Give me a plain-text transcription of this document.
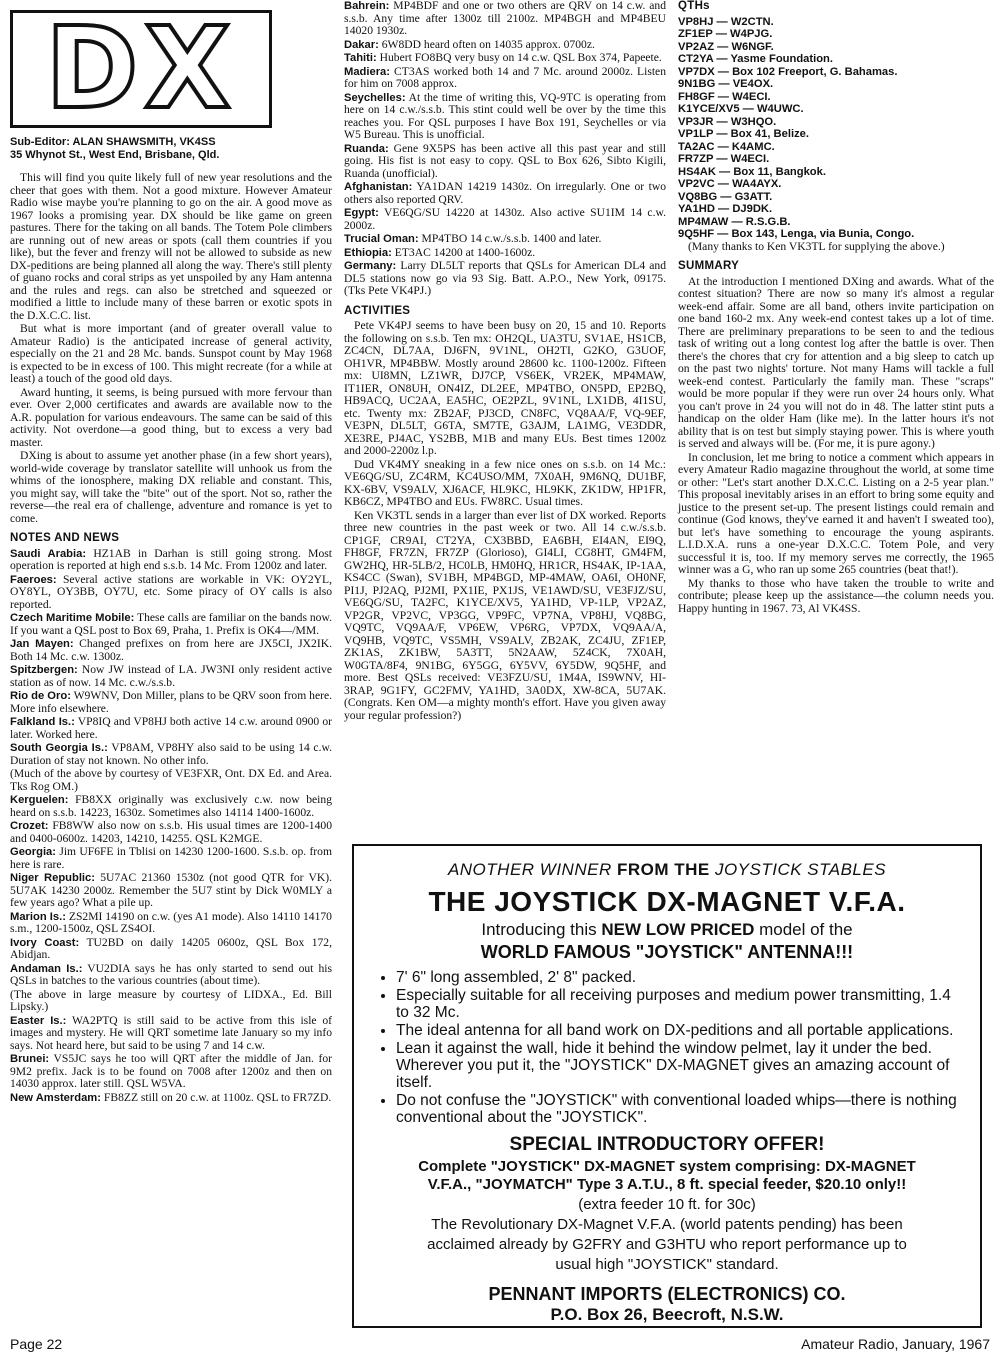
DX
Sub-Editor: ALAN SHAWSMITH, VK4SS
35 Whynot St., West End, Brisbane, Qld.

This will find you quite likely full of new year resolutions and the cheer that goes with them. Not a good mixture. However Amateur Radio wise maybe you're planning to go on the air. A good move as 1967 looks a promising year. DX should be like game on green pastures. There for the taking on all bands. The Totem Pole climbers are running out of new areas or spots (call them countries if you like), but the fever and frenzy will not be allowed to subside as new DX-peditions are being planned all along the way. There's still plenty of guano rocks and coral strips as yet unspoiled by any Ham antenna and the rules and regs. can also be stretched and squeezed or modified a little to include many of these barren or exotic spots in the D.X.C.C. list.

But what is more important (and of greater overall value to Amateur Radio) is the anticipated increase of general activity, especially on the 21 and 28 Mc. bands. Sunspot count by May 1968 is expected to be in excess of 100. This might recreate (for a while at least) a touch of the good old days.

Award hunting, it seems, is being pursued with more fervour than ever. Over 2,000 certificates and awards are available now to the A.R. population for various endeavours. The same can be said of this activity. Not overdone—a good thing, but to excess a very bad master.

DXing is about to assume yet another phase (in a few short years), world-wide coverage by translator satellite will unhook us from the whims of the ionosphere, making DX reliable and constant. This, you might say, will take the "bite" out of the sport. Not so, rather the reverse—the real era of challenge, adventure and romance is yet to come.

NOTES AND NEWS

Saudi Arabia: HZ1AB in Darhan is still going strong. Most operation is reported at high end s.s.b. 14 Mc. From 1200z and later.

Faeroes: Several active stations are workable in VK: OY2YL, OY8YL, OY3BB, OY7U, etc. Some piracy of OY calls is also reported.

Czech Maritime Mobile: These calls are familiar on the bands now. If you want a QSL post to Box 69, Praha, 1. Prefix is OK4—/MM.

Jan Mayen: Changed prefixes on from here are JX5CI, JX2IK. Both 14 Mc. c.w. 1300z.

Spitzbergen: Now JW instead of LA. JW3NI only resident active station as of now. 14 Mc. c.w./s.s.b.

Rio de Oro: W9WNV, Don Miller, plans to be QRV soon from here. More info elsewhere.

Falkland Is.: VP8IQ and VP8HJ both active 14 c.w. around 0900 or later. Worked here.

South Georgia Is.: VP8AM, VP8HY also said to be using 14 c.w. Duration of stay not known. No other info.

(Much of the above by courtesy of VE3FXR, Ont. DX Ed. and Area. Tks Rog OM.)

Kerguelen: FB8XX originally was exclusively c.w. now being heard on s.s.b. 14223, 1630z. Sometimes also 14114 1400-1600z.

Crozet: FB8WW also now on s.s.b. His usual times are 1200-1400 and 0400-0600z. 14203, 14210, 14255. QSL K2MGE.

Georgia: Jim UF6FE in Tblisi on 14230 1200-1600. S.s.b. op. from here is rare.

Niger Republic: 5U7AC 21360 1530z (not good QTR for VK). 5U7AK 14230 2000z. Remember the 5U7 stint by Dick W0MLY a few years ago? What a pile up.

Marion Is.: ZS2MI 14190 on c.w. (yes A1 mode). Also 14110 14170 s.m., 1200-1500z, QSL ZS4OI.

Ivory Coast: TU2BD on daily 14205 0600z, QSL Box 172, Abidjan.

Andaman Is.: VU2DIA says he has only started to send out his QSLs in batches to the various countries (about time).

(The above in large measure by courtesy of LIDXA., Ed. Bill Lipsky.)

Easter Is.: WA2PTQ is still said to be active from this isle of images and mystery. He will QRT sometime late January so my info says. Not heard here, but said to be using 7 and 14 c.w.

Brunei: VS5JC says he too will QRT after the middle of Jan. for 9M2 prefix. Jack is to be found on 7008 after 1200z and then on 14030 approx. later still. QSL W5VA.

New Amsterdam: FB8ZZ still on 20 c.w. at 1100z. QSL to FR7ZD.

Bahrein: MP4BDF and one or two others are QRV on 14 c.w. and s.s.b. Any time after 1300z till 2100z. MP4BGH and MP4BEU 14020 1930z.

Dakar: 6W8DD heard often on 14035 approx. 0700z.

Tahiti: Hubert FO8BQ very busy on 14 c.w. QSL Box 374, Papeete.

Madiera: CT3AS worked both 14 and 7 Mc. around 2000z. Listen for him on 7008 approx.

Seychelles: At the time of writing this, VQ-9TC is operating from here on 14 c.w./s.s.b. This stint could well be over by the time this reaches you. For QSL purposes I have Box 191, Seychelles or via W5 Bureau. This is unofficial.

Ruanda: Gene 9X5PS has been active all this past year and still going. His fist is not easy to copy. QSL to Box 626, Sibto Kigili, Ruanda (unofficial).

Afghanistan: YA1DAN 14219 1430z. On irregularly. One or two others also reported QRV.

Egypt: VE6QG/SU 14220 at 1430z. Also active SU1IM 14 c.w. 2000z.

Trucial Oman: MP4TBO 14 c.w./s.s.b. 1400 and later.

Ethiopia: ET3AC 14200 at 1400-1600z.

Germany: Larry DL5LT reports that QSLs for American DL4 and DL5 stations now go via 93 Sig. Batt. A.P.O., New York, 09175. (Tks Pete VK4PJ.)

ACTIVITIES

Pete VK4PJ seems to have been busy on 20, 15 and 10. Reports the following on s.s.b. Ten mx: OH2QL, UA3TU, SV1AE, HS1CB, ZC4CN, DL7AA, DJ6FN, 9V1NL, OH2TI, G2KO, G3UOF, OH1VR, MP4BBW. Mostly around 28600 kc. 1100-1200z. Fifteen mx: UI8MN, LZ1WR, DJ7CP, VS6EK, VR2EK, MP4MAW, IT1IER, ON8UH, ON4IZ, DL2EE, MP4TBO, ON5PD, EP2BQ, HB9ACQ, UC2AA, EA5HC, OE2PZL, 9V1NL, LX1DB, 4I1SU, etc. Twenty mx: ZB2AF, PJ3CD, CN8FC, VQ8AA/F, VQ-9EF, VE3PN, DL5LT, G6TA, SM7TE, G3AJM, LA1MG, VE3DDR, XE3RE, PJ4AC, YS2BB, M1B and many EUs. Best times 1200z and 2000-2200z l.p.

Dud VK4MY sneaking in a few nice ones on s.s.b. on 14 Mc.: VE6QG/SU, ZC4RM, KC4USO/MM, 7X0AH, 9M6NQ, DU1BF, KX-6BV, VS9ALV, XJ6ACF, HL9KC, HL9KK, ZK1DW, HP1FR, KB6CZ, MP4TBO and EUs. FW8RC. Usual times.

Ken VK3TL sends in a larger than ever list of DX worked. Reports three new countries in the past week or two. All 14 c.w./s.s.b. CP1GF, CR9AI, CT2YA, CX3BBD, EA6BH, EI4AN, EI9Q, FH8GF, FR7ZN, FR7ZP (Glorioso), GI4LI, CG8HT, GM4FM, GW2HQ, HR-5LB/2, HC0LB, HM0HQ, HR1CR, HS4AK, IP-1AA, KS4CC (Swan), SV1BH, MP4BGD, MP-4MAW, OA6I, OH0NF, PI1J, PJ2AQ, PJ2MI, PX1IE, PX1JS, VE1AWD/SU, VE3FJZ/SU, VE6QG/SU, TA2FC, K1YCE/XV5, YA1HD, VP-1LP, VP2AZ, VP2GR, VP2VC, VP3GG, VP9FC, VP7NA, VP8HJ, VQ8BG, VQ9TC, VQ9AA/F, VP6EW, VP6RG, VP7DX, VQ9AA/A, VQ9HB, VQ9TC, VS5MH, VS9ALV, ZB2AK, ZC4JU, ZF1EP, ZK1AS, ZK1BW, 5A3TT, 5N2AAW, 5Z4CK, 7X0AH, W0GTA/8F4, 9N1BG, 6Y5GG, 6Y5VV, 6Y5DW, 9Q5HF, and more. Best QSLs received: VE3FZU/SU, 1M4A, IS9WNV, HI-3RAP, 9G1FY, GC2FMV, YA1HD, 3A0DX, XW-8CA, 5U7AK. (Congrats. Ken OM—a mighty month's effort. Have you given away your regular profession?)

QTHs
VP8HJ — W2CTN.
ZF1EP — W4PJG.
VP2AZ — W6NGF.
CT2YA — Yasme Foundation.
VP7DX — Box 102 Freeport, G. Bahamas.
9N1BG — VE4OX.
FH8GF — W4ECI.
K1YCE/XV5 — W4UWC.
VP3JR — W3HQO.
VP1LP — Box 41, Belize.
TA2AC — K4AMC.
FR7ZP — W4ECI.
HS4AK — Box 11, Bangkok.
VP2VC — WA4AYX.
VQ8BG — G3ATT.
YA1HD — DJ9DK.
MP4MAW — R.S.G.B.
9Q5HF — Box 143, Lenga, via Bunia, Congo.

(Many thanks to Ken VK3TL for supplying the above.)

SUMMARY

At the introduction I mentioned DXing and awards. What of the contest situation? There are now so many it's almost a regular week-end affair. Some are all band, others invite participation on one band 160-2 mx. Any week-end contest takes up a lot of time. There are preliminary preparations to be seen to and the tedious task of writing out a long contest log after the battle is over. Then there's the chores that cry for attention and a big sleep to catch up on the past two nights' torture. Not many Hams will tackle a full week-end contest. Particularly the family man. These "scraps" would be more popular if they were run over 24 hours only. What you can't prove in 24 you will not do in 48. The latter stint puts a handicap on the older Ham (like me). In the latter hours it's not ability that is on test but simply staying power. This is where youth is served and always will be. (For me, it is pure agony.)

In conclusion, let me bring to notice a comment which appears in every Amateur Radio magazine throughout the world, at some time or other: "Let's start another D.X.C.C. Listing on a 2-5 year plan." This proposal inevitably arises in an effort to bring some equity and justice to the present set-up. The present listings could remain and continue (God knows, they've earned it and haven't I sweated too), but let's have something to encourage the young aspirants. L.I.D.X.A. runs a one-year D.X.C.C. Totem Pole, and very successful it is, too. If my memory serves me correctly, the 1965 winner was a G, who ran up some 265 countries (beat that!).

My thanks to those who have taken the trouble to write and contribute; please keep up the assistance—the column needs you. Happy hunting in 1967. 73, Al VK4SS.

ANOTHER WINNER FROM THE JOYSTICK STABLES
THE JOYSTICK DX-MAGNET V.F.A.
Introducing this NEW LOW PRICED model of the
WORLD FAMOUS "JOYSTICK" ANTENNA!!!
• 7' 6" long assembled, 2' 8" packed.
• Especially suitable for all receiving purposes and medium power transmitting, 1.4 to 32 Mc.
• The ideal antenna for all band work on DX-peditions and all portable applications.
• Lean it against the wall, hide it behind the window pelmet, lay it under the bed. Wherever you put it, the "JOYSTICK" DX-MAGNET gives an amazing account of itself.
• Do not confuse the "JOYSTICK" with conventional loaded whips—there is nothing conventional about the "JOYSTICK".
SPECIAL INTRODUCTORY OFFER!
Complete "JOYSTICK" DX-MAGNET system comprising: DX-MAGNET
V.F.A., "JOYMATCH" Type 3 A.T.U., 8 ft. special feeder, $20.10 only!!
(extra feeder 10 ft. for 30c)
The Revolutionary DX-Magnet V.F.A. (world patents pending) has been
acclaimed already by G2FRY and G3HTU who report performance up to
usual high "JOYSTICK" standard.
PENNANT IMPORTS (ELECTRONICS) CO.
P.O. Box 26, Beecroft, N.S.W.
Page 22	Amateur Radio, January, 1967
